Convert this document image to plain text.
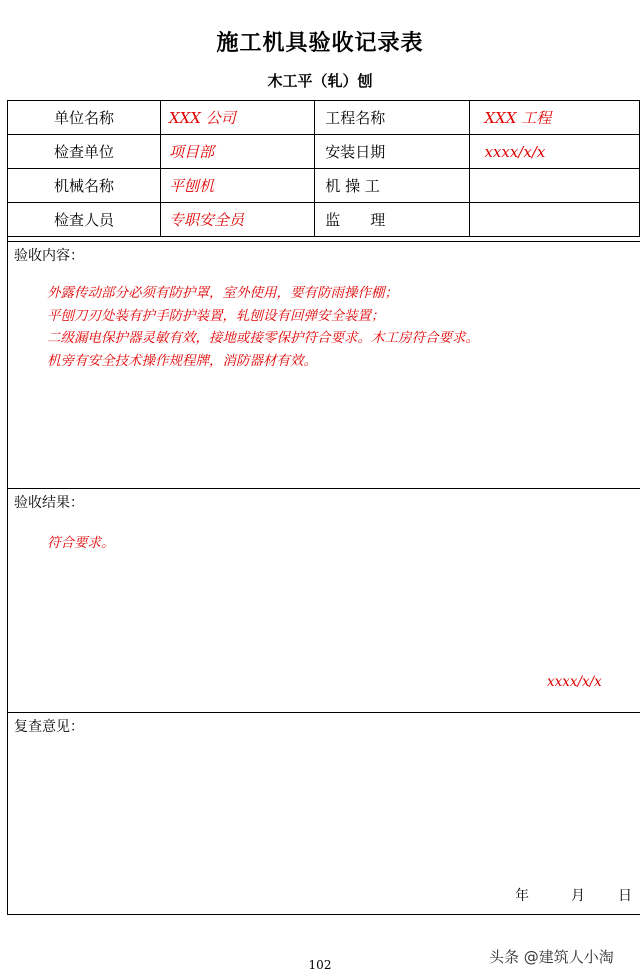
施工机具验收记录表
木工平（轧）刨
单位名称	XXX 公司	工程名称	XXX 工程
检查单位	项目部	安装日期	xxxx/x/x
机械名称	平刨机	机 操 工	
检查人员	专职安全员	监　　理	
验收内容：
外露传动部分必须有防护罩，室外使用，要有防雨操作棚；
平刨刀刃处装有护手防护装置，轧刨设有回弹安全装置；
二级漏电保护器灵敏有效，接地或接零保护符合要求。木工房符合要求。
机旁有安全技术操作规程牌，消防器材有效。
验收结果：
符合要求。
xxxx/x/x
复查意见：
年	月 日
102	头条 @建筑人小淘
